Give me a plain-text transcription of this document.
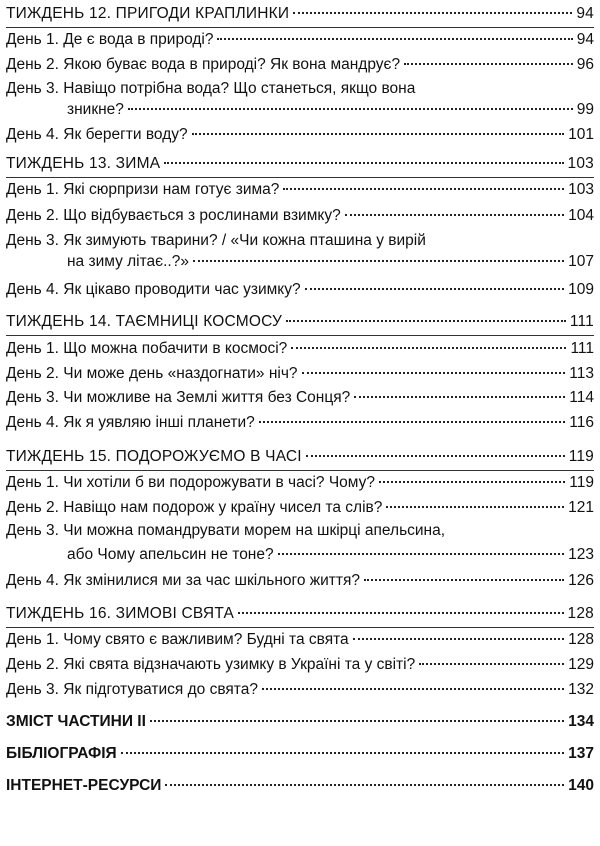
ТИЖДЕНЬ 12. ПРИГОДИ КРАПЛИНКИ	94
День 1. Де є вода в природі?	94
День 2. Якою буває вода в природі? Як вона мандрує?	96
День 3. Навіщо потрібна вода? Що станеться, якщо вона
зникне?	99
День 4. Як берегти воду?	101
ТИЖДЕНЬ 13. ЗИМА	103
День 1. Які сюрпризи нам готує зима?	103
День 2. Що відбувається з рослинами взимку?	104
День 3. Як зимують тварини? / «Чи кожна пташина у вирій
на зиму літає..?»	107
День 4. Як цікаво проводити час узимку?	109
ТИЖДЕНЬ 14. ТАЄМНИЦІ КОСМОСУ	111
День 1. Що можна побачити в космосі?	111
День 2. Чи може день «наздогнати» ніч?	113
День 3. Чи можливе на Землі життя без Сонця?	114
День 4. Як я уявляю інші планети?	116
ТИЖДЕНЬ 15. ПОДОРОЖУЄМО В ЧАСІ	119
День 1. Чи хотіли б ви подорожувати в часі? Чому?	119
День 2. Навіщо нам подорож у країну чисел та слів?	121
День 3. Чи можна помандрувати морем на шкірці апельсина,
або Чому апельсин не тоне?	123
День 4. Як змінилися ми за час шкільного життя?	126
ТИЖДЕНЬ 16. ЗИМОВІ СВЯТА	128
День 1. Чому свято є важливим? Будні та свята	128
День 2. Які свята відзначають узимку в Україні та у світі?	129
День 3. Як підготуватися до свята?	132
ЗМІСТ ЧАСТИНИ II	134
БІБЛІОГРАФІЯ	137
ІНТЕРНЕТ-РЕСУРСИ	140
